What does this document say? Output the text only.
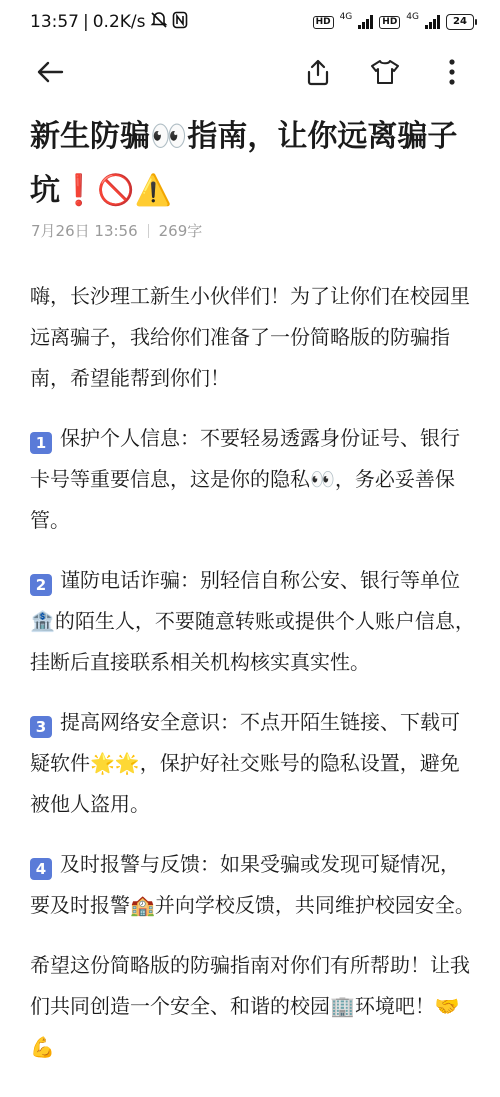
13:57 | 0.2K/s	HD	4G	HD	4G	24
新生防骗👀指南，让你远离骗子坑❗🚫⚠️
7月26日 13:56 269字

嗨，长沙理工新生小伙伴们！为了让你们在校园里远离骗子，我给你们准备了一份简略版的防骗指南，希望能帮到你们！

1 保护个人信息：不要轻易透露身份证号、银行卡号等重要信息，这是你的隐私👀，务必妥善保管。

2 谨防电话诈骗：别轻信自称公安、银行等单位🏦的陌生人，不要随意转账或提供个人账户信息，挂断后直接联系相关机构核实真实性。

3 提高网络安全意识：不点开陌生链接、下载可疑软件🌟🌟，保护好社交账号的隐私设置，避免被他人盗用。

4 及时报警与反馈：如果受骗或发现可疑情况，要及时报警🏫并向学校反馈，共同维护校园安全。

希望这份简略版的防骗指南对你们有所帮助！让我们共同创造一个安全、和谐的校园🏢环境吧！🤝💪
